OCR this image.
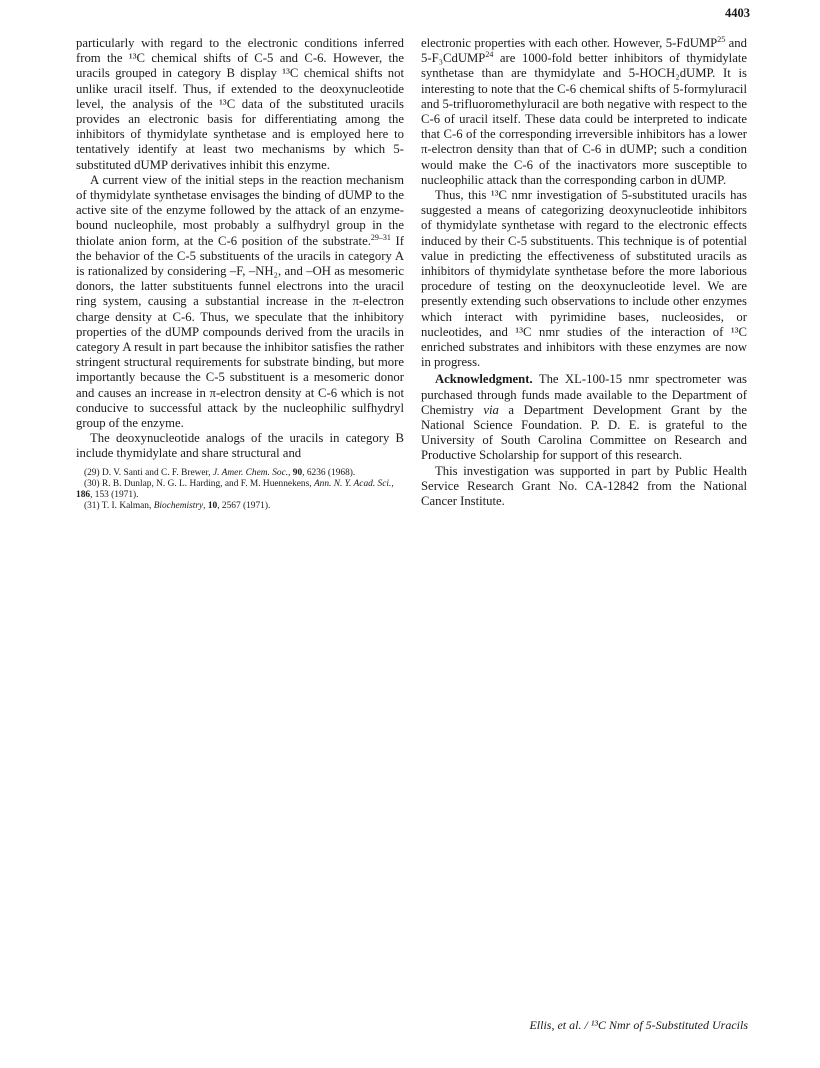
4403

particularly with regard to the electronic conditions inferred from the ¹³C chemical shifts of C-5 and C-6. However, the uracils grouped in category B display ¹³C chemical shifts not unlike uracil itself. Thus, if extended to the deoxynucleotide level, the analysis of the ¹³C data of the substituted uracils provides an electronic basis for differentiating among the inhibitors of thymidylate synthetase and is employed here to tentatively identify at least two mechanisms by which 5-substituted dUMP derivatives inhibit this enzyme.

A current view of the initial steps in the reaction mechanism of thymidylate synthetase envisages the binding of dUMP to the active site of the enzyme followed by the attack of an enzyme-bound nucleophile, most probably a sulfhydryl group in the thiolate anion form, at the C-6 position of the substrate.$^{29-31}$ If the behavior of the C-5 substituents of the uracils in category A is rationalized by considering –F, –NH₂, and –OH as mesomeric donors, the latter substituents funnel electrons into the uracil ring system, causing a substantial increase in the π-electron charge density at C-6. Thus, we speculate that the inhibitory properties of the dUMP compounds derived from the uracils in category A result in part because the inhibitor satisfies the rather stringent structural requirements for substrate binding, but more importantly because the C-5 substituent is a mesomeric donor and causes an increase in π-electron density at C-6 which is not conducive to successful attack by the nucleophilic sulfhydryl group of the enzyme.

The deoxynucleotide analogs of the uracils in category B include thymidylate and share structural and

(29) D. V. Santi and C. F. Brewer, J. Amer. Chem. Soc., 90, 6236 (1968).

(30) R. B. Dunlap, N. G. L. Harding, and F. M. Huennekens, Ann. N. Y. Acad. Sci., 186, 153 (1971).

(31) T. I. Kalman, Biochemistry, 10, 2567 (1971).

electronic properties with each other. However, 5-FdUMP$^{25}$ and 5-F₃CdUMP$^{24}$ are 1000-fold better inhibitors of thymidylate synthetase than are thymidylate and 5-HOCH₂dUMP. It is interesting to note that the C-6 chemical shifts of 5-formyluracil and 5-trifluoromethyluracil are both negative with respect to the C-6 of uracil itself. These data could be interpreted to indicate that C-6 of the corresponding irreversible inhibitors has a lower π-electron density than that of C-6 in dUMP; such a condition would make the C-6 of the inactivators more susceptible to nucleophilic attack than the corresponding carbon in dUMP.

Thus, this ¹³C nmr investigation of 5-substituted uracils has suggested a means of categorizing deoxynucleotide inhibitors of thymidylate synthetase with regard to the electronic effects induced by their C-5 substituents. This technique is of potential value in predicting the effectiveness of substituted uracils as inhibitors of thymidylate synthetase before the more laborious procedure of testing on the deoxynucleotide level. We are presently extending such observations to include other enzymes which interact with pyrimidine bases, nucleosides, or nucleotides, and ¹³C nmr studies of the interaction of ¹³C enriched substrates and inhibitors with these enzymes are now in progress.

Acknowledgment. The XL-100-15 nmr spectrometer was purchased through funds made available to the Department of Chemistry via a Department Development Grant by the National Science Foundation. P. D. E. is grateful to the University of South Carolina Committee on Research and Productive Scholarship for support of this research.

This investigation was supported in part by Public Health Service Research Grant No. CA-12842 from the National Cancer Institute.

Ellis, et al. / ¹³C Nmr of 5-Substituted Uracils
